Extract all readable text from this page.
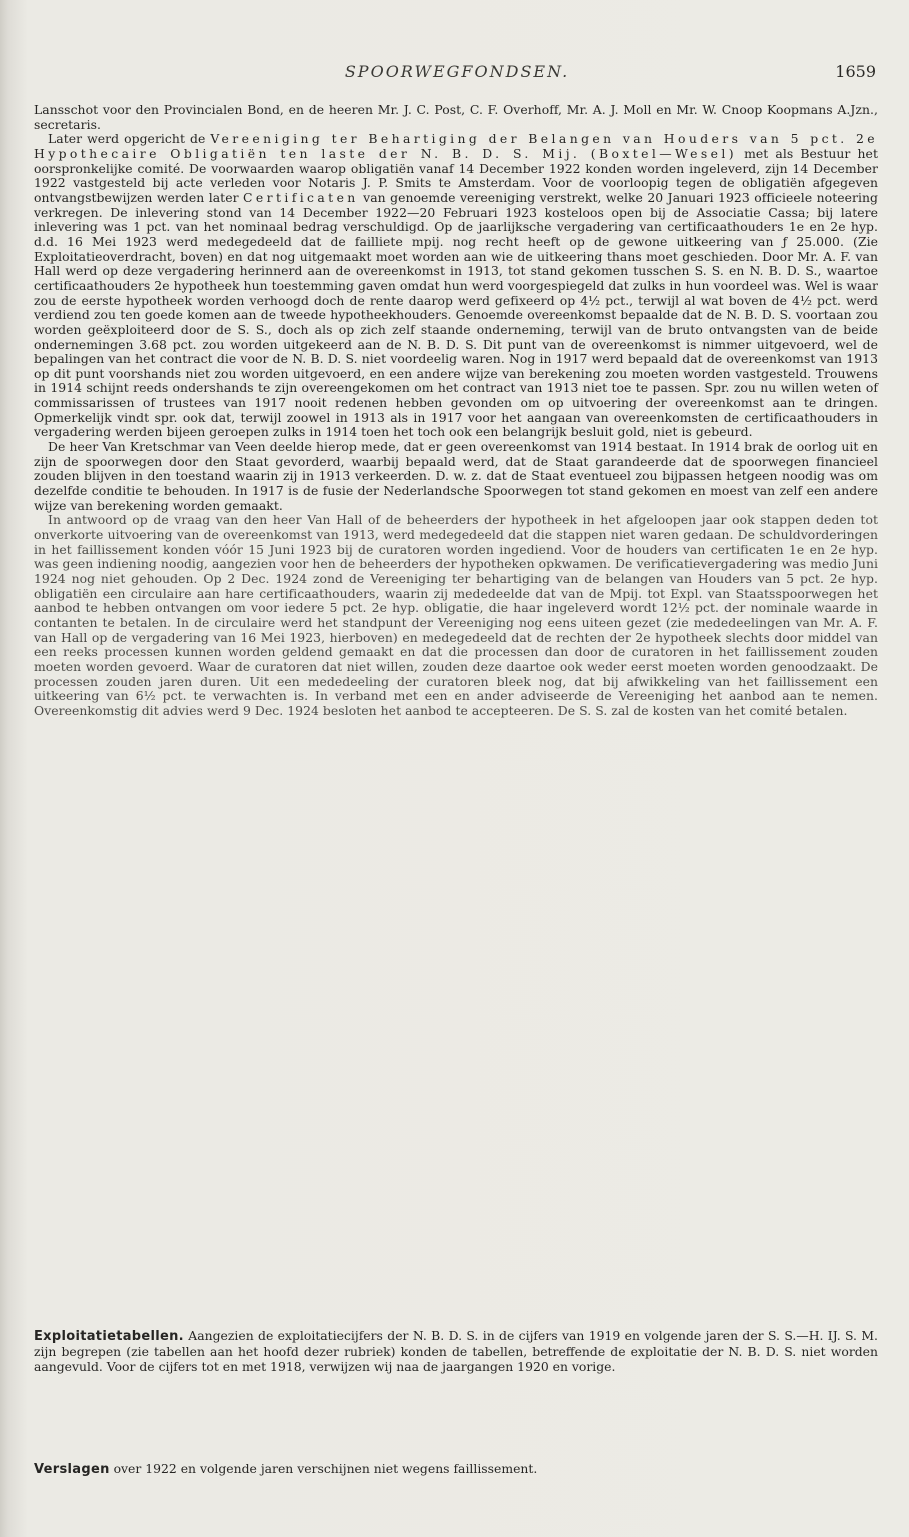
SPOORWEGFONDSEN.	1659

Lansschot voor den Provincialen Bond, en de heeren Mr. J. C. Post, C. F. Overhoff, Mr. A. J. Moll en Mr. W. Cnoop Koopmans A.Jzn., secretaris.

Later werd opgericht de Vereeniging ter Behartiging der Belangen van Houders van 5 pct. 2e Hypothecaire Obligatiën ten laste der N. B. D. S. Mij. (Boxtel—Wesel) met als Bestuur het oorspronkelijke comité. De voorwaarden waarop obligatiën vanaf 14 December 1922 konden worden ingeleverd, zijn 14 December 1922 vastgesteld bij acte verleden voor Notaris J. P. Smits te Amsterdam. Voor de voorloopig tegen de obligatiën afgegeven ontvangstbewijzen werden later Certificaten van genoemde vereeniging verstrekt, welke 20 Januari 1923 officieele noteering verkregen. De inlevering stond van 14 December 1922—20 Februari 1923 kosteloos open bij de Associatie Cassa; bij latere inlevering was 1 pct. van het nominaal bedrag verschuldigd. Op de jaarlijksche vergadering van certificaathouders 1e en 2e hyp. d.d. 16 Mei 1923 werd medegedeeld dat de failliete mpij. nog recht heeft op de gewone uitkeering van ƒ 25.000. (Zie Exploitatieoverdracht, boven) en dat nog uitgemaakt moet worden aan wie de uitkeering thans moet geschieden. Door Mr. A. F. van Hall werd op deze vergadering herinnerd aan de overeenkomst in 1913, tot stand gekomen tusschen S. S. en N. B. D. S., waartoe certificaathouders 2e hypotheek hun toestemming gaven omdat hun werd voorgespiegeld dat zulks in hun voordeel was. Wel is waar zou de eerste hypotheek worden verhoogd doch de rente daarop werd gefixeerd op 4½ pct., terwijl al wat boven de 4½ pct. werd verdiend zou ten goede komen aan de tweede hypotheekhouders. Genoemde overeenkomst bepaalde dat de N. B. D. S. voortaan zou worden geëxploiteerd door de S. S., doch als op zich zelf staande onderneming, terwijl van de bruto ontvangsten van de beide ondernemingen 3.68 pct. zou worden uitgekeerd aan de N. B. D. S. Dit punt van de overeenkomst is nimmer uitgevoerd, wel de bepalingen van het contract die voor de N. B. D. S. niet voordeelig waren. Nog in 1917 werd bepaald dat de overeenkomst van 1913 op dit punt voorshands niet zou worden uitgevoerd, en een andere wijze van berekening zou moeten worden vastgesteld. Trouwens in 1914 schijnt reeds ondershands te zijn overeengekomen om het contract van 1913 niet toe te passen. Spr. zou nu willen weten of commissarissen of trustees van 1917 nooit redenen hebben gevonden om op uitvoering der overeenkomst aan te dringen. Opmerkelijk vindt spr. ook dat, terwijl zoowel in 1913 als in 1917 voor het aangaan van overeenkomsten de certificaathouders in vergadering werden bijeen geroepen zulks in 1914 toen het toch ook een belangrijk besluit gold, niet is gebeurd.

De heer Van Kretschmar van Veen deelde hierop mede, dat er geen overeenkomst van 1914 bestaat. In 1914 brak de oorlog uit en zijn de spoorwegen door den Staat gevorderd, waarbij bepaald werd, dat de Staat garandeerde dat de spoorwegen financieel zouden blijven in den toestand waarin zij in 1913 verkeerden. D. w. z. dat de Staat eventueel zou bijpassen hetgeen noodig was om dezelfde conditie te behouden. In 1917 is de fusie der Nederlandsche Spoorwegen tot stand gekomen en moest van zelf een andere wijze van berekening worden gemaakt.

In antwoord op de vraag van den heer Van Hall of de beheerders der hypotheek in het afgeloopen jaar ook stappen deden tot onverkorte uitvoering van de overeenkomst van 1913, werd medegedeeld dat die stappen niet waren gedaan. De schuldvorderingen in het faillissement konden vóór 15 Juni 1923 bij de curatoren worden ingediend. Voor de houders van certificaten 1e en 2e hyp. was geen indiening noodig, aangezien voor hen de beheerders der hypotheken opkwamen. De verificatievergadering was medio Juni 1924 nog niet gehouden. Op 2 Dec. 1924 zond de Vereeniging ter behartiging van de belangen van Houders van 5 pct. 2e hyp. obligatiën een circulaire aan hare certificaathouders, waarin zij mededeelde dat van de Mpij. tot Expl. van Staatsspoorwegen het aanbod te hebben ontvangen om voor iedere 5 pct. 2e hyp. obligatie, die haar ingeleverd wordt 12½ pct. der nominale waarde in contanten te betalen. In de circulaire werd het standpunt der Vereeniging nog eens uiteen gezet (zie mededeelingen van Mr. A. F. van Hall op de vergadering van 16 Mei 1923, hierboven) en medegedeeld dat de rechten der 2e hypotheek slechts door middel van een reeks processen kunnen worden geldend gemaakt en dat die processen dan door de curatoren in het faillissement zouden moeten worden gevoerd. Waar de curatoren dat niet willen, zouden deze daartoe ook weder eerst moeten worden genoodzaakt. De processen zouden jaren duren. Uit een mededeeling der curatoren bleek nog, dat bij afwikkeling van het faillissement een uitkeering van 6½ pct. te verwachten is. In verband met een en ander adviseerde de Vereeniging het aanbod aan te nemen. Overeenkomstig dit advies werd 9 Dec. 1924 besloten het aanbod te accepteeren. De S. S. zal de kosten van het comité betalen.

Exploitatietabellen. Aangezien de exploitatiecijfers der N. B. D. S. in de cijfers van 1919 en volgende jaren der S. S.—H. IJ. S. M. zijn begrepen (zie tabellen aan het hoofd dezer rubriek) konden de tabellen, betreffende de exploitatie der N. B. D. S. niet worden aangevuld. Voor de cijfers tot en met 1918, verwijzen wij naa de jaargangen 1920 en vorige.
Verslagen over 1922 en volgende jaren verschijnen niet wegens faillissement.
